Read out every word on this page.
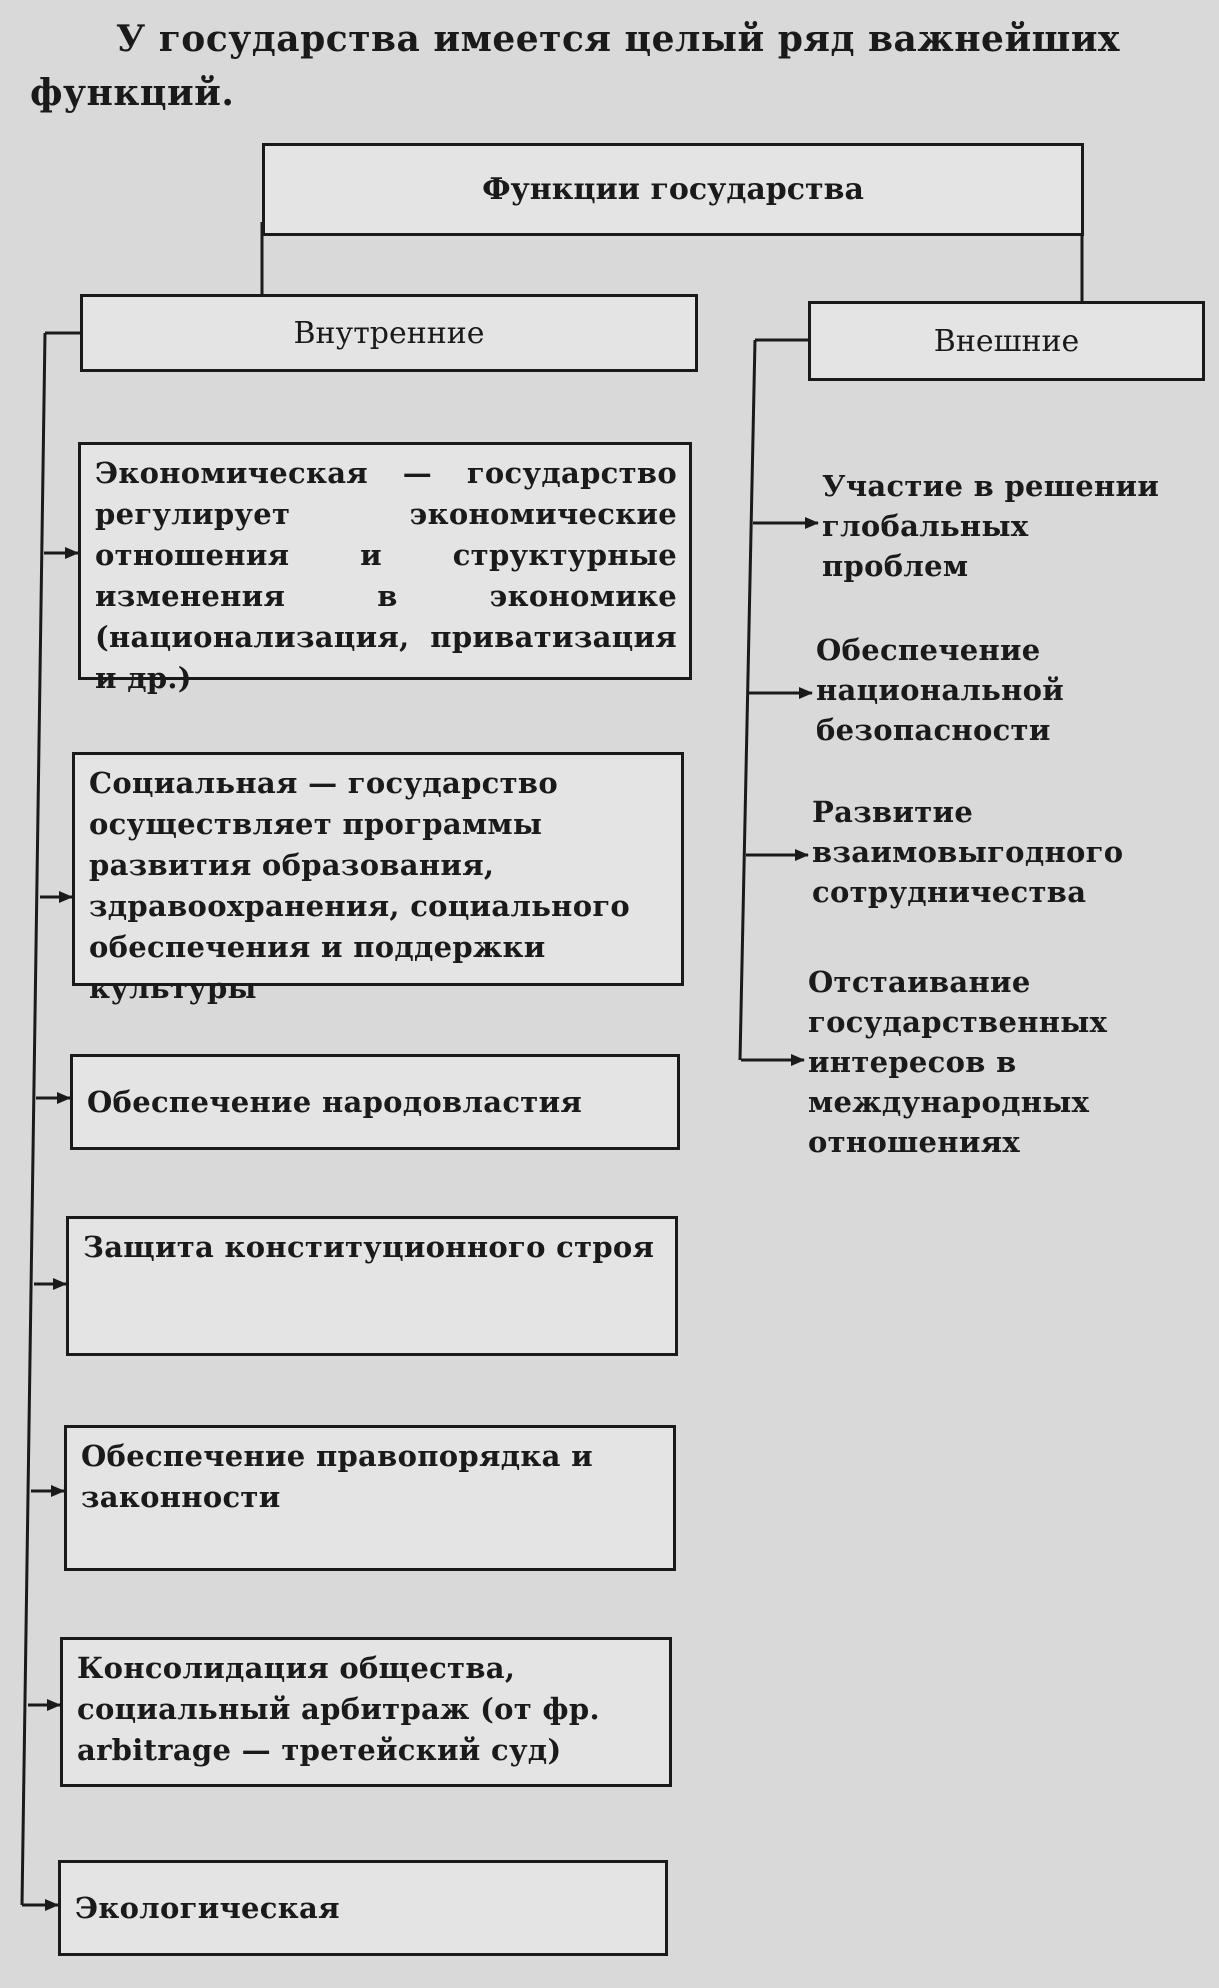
У государства имеется целый ряд важнейших функций.
Функции государства
Внутренние	Внешние
Экономическая — государство регулирует экономические отношения и структурные изменения в экономике (национализация, приватизация и др.)
Социальная — государство осуществляет программы развития образования, здравоохранения, социального обеспечения и поддержки культуры
Обеспечение народовластия
Защита конституционного строя
Обеспечение правопорядка и законности
Консолидация общества, социальный арбитраж (от фр. arbitrage — третейский суд)
Экологическая
Участие в решении глобальных проблем
Обеспечение национальной безопасности
Развитие взаимовыгодного сотрудничества
Отстаивание государственных интересов в международных отношениях
